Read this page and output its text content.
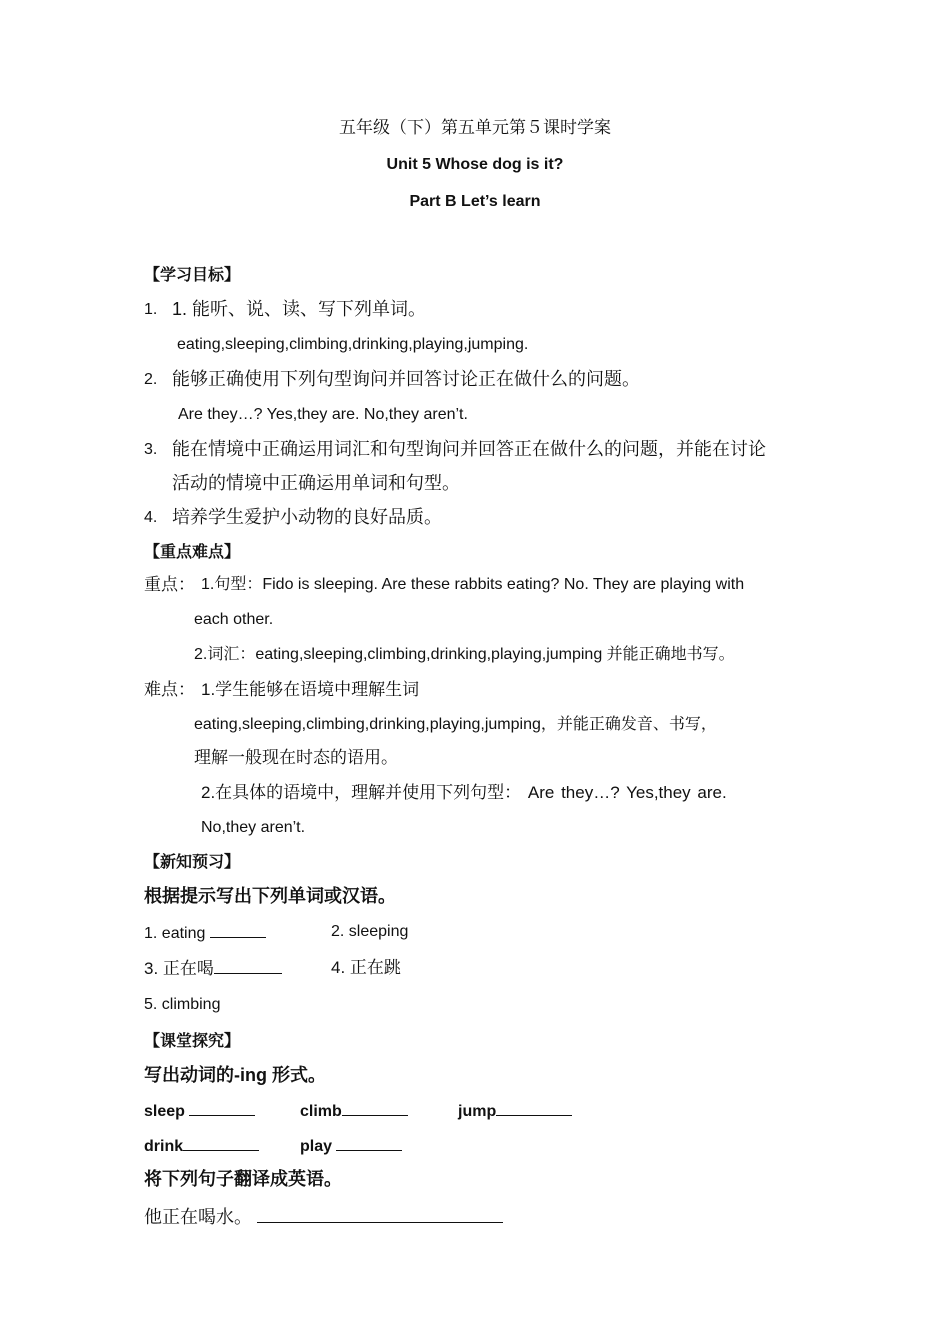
五年级（下）第五单元第５课时学案
Unit 5 Whose dog is it?
Part B Let’s learn
【学习目标】
1. 1. 能听、说、读、写下列单词。
eating,sleeping,climbing,drinking,playing,jumping.
2. 能够正确使用下列句型询问并回答讨论正在做什么的问题。
Are they…? Yes,they are. No,they aren’t.
3. 能在情境中正确运用词汇和句型询问并回答正在做什么的问题，并能在讨论
活动的情境中正确运用单词和句型。
4. 培养学生爱护小动物的良好品质。
【重点难点】
重点： 1.句型：Fido is sleeping. Are these rabbits eating? No. They are playing with
each other.
2.词汇：eating,sleeping,climbing,drinking,playing,jumping 并能正确地书写。
难点： 1.学生能够在语境中理解生词
eating,sleeping,climbing,drinking,playing,jumping，并能正确发音、书写，
理解一般现在时态的语用。
2.在具体的语境中，理解并使用下列句型： Are they…? Yes,they are.
No,they aren’t.
【新知预习】
根据提示写出下列单词或汉语。
1. eating	2. sleeping
3. 正在喝	4. 正在跳
5. climbing
【课堂探究】
写出动词的-ing 形式。
sleep	climb	jump
drink	play
将下列句子翻译成英语。
他正在喝水。
